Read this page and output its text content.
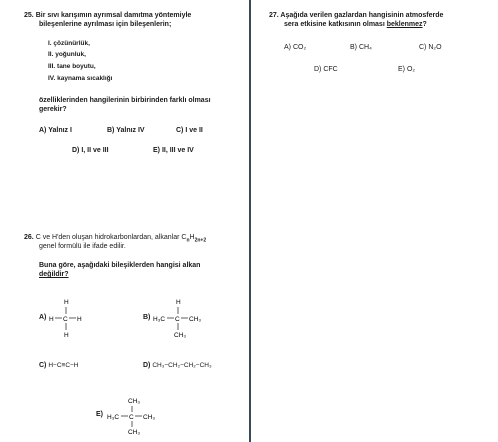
25. Bir sıvı karışımın ayrımsal damıtma yöntemiyle
bileşenlerine ayrılması için bileşenlerin;
I. çözünürlük,
II. yoğunluk,
III. tane boyutu,
IV. kaynama sıcaklığı
özelliklerinden hangilerinin birbirinden farklı olması
gerekir?
A) Yalnız I	B) Yalnız IV	C) I ve II
D) I, II ve III	E) II, III ve IV
26. C ve H'den oluşan hidrokarbonlardan, alkanlar $C_nH_{2n+2}$
genel formülü ile ifade edilir.
Buna göre, aşağıdaki bileşiklerden hangisi alkan
değildir?
A)
H
H C H
H
B)
H
H₃C C CH₃
CH₃
C) H−C≡C−H	D) CH₃−CH₂−CH₂−CH₃
E)
CH₃
H₃C C CH₃
CH₃
27. Aşağıda verilen gazlardan hangisinin atmosferde
sera etkisine katkısının olması beklenmez?
A) CO₂	B) CH₄	C) N₂O
D) CFC	E) O₂
